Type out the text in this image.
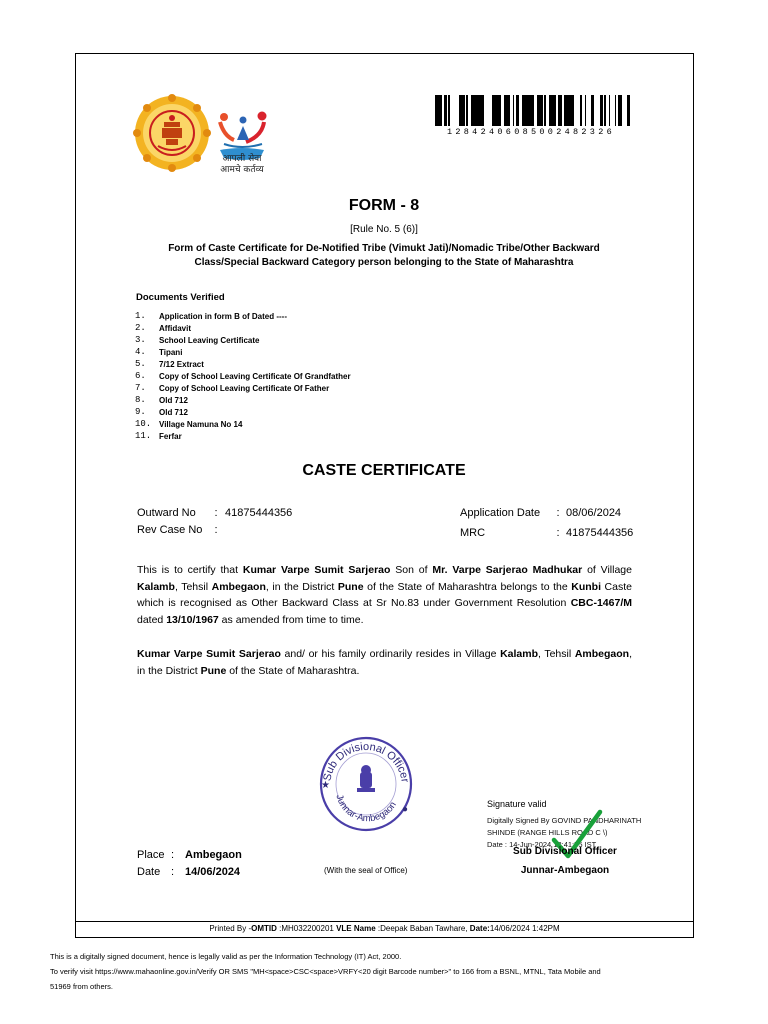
Printed By -OMTID :MH032200201 VLE Name :Deepak Baban Tawhare, Date:14/06/2024 1:42PM
आपली सेवा
आमचे कर्तव्य
12842406085002482326
FORM - 8
[Rule No. 5 (6)]
Form of Caste Certificate for De-Notified Tribe (Vimukt Jati)/Nomadic Tribe/Other Backward Class/Special Backward Category person belonging to the State of Maharashtra
Documents Verified
1.	Application in form B of Dated ----
2.	Affidavit
3.	School Leaving Certificate
4.	Tipani
5.	7/12 Extract
6.	Copy of School Leaving Certificate Of Grandfather
7.	Copy of School Leaving Certificate Of Father
8.	Old 712
9.	Old 712
10. Village Namuna No 14
11. Ferfar
CASTE CERTIFICATE
Outward No	: 41875444356
Rev Case No	:
Application Date	: 08/06/2024
MRC	: 41875444356
This is to certify that Kumar Varpe Sumit Sarjerao Son of Mr. Varpe Sarjerao Madhukar of Village Kalamb, Tehsil Ambegaon, in the District Pune of the State of Maharashtra belongs to the Kunbi Caste which is recognised as Other Backward Class at Sr No.83 under Government Resolution CBC-1467/M dated 13/10/1967 as amended from time to time.
Kumar Varpe Sumit Sarjerao and/ or his family ordinarily resides in Village Kalamb, Tehsil Ambegaon, in the District Pune of the State of Maharashtra.
Sub Divisional Officer
Junnar-Ambegaon
★
●	Signature valid
Digitally Signed By GOVIND PANDHARINATH
SHINDE (RANGE HILLS ROAD C \)
Date : 14-Jun-2024 13:41:55 IST
Sub Divisional Officer
Junnar-Ambegaon
Place : Ambegaon
Date : 14/06/2024	(With the seal of Office)
This is a digitally signed document, hence is legally valid as per the Information Technology (IT) Act, 2000.
To verify visit https://www.mahaonline.gov.in/Verify OR SMS "MH<space>CSC<space>VRFY<20 digit Barcode number>" to 166 from a BSNL, MTNL, Tata Mobile and
51969 from others.
